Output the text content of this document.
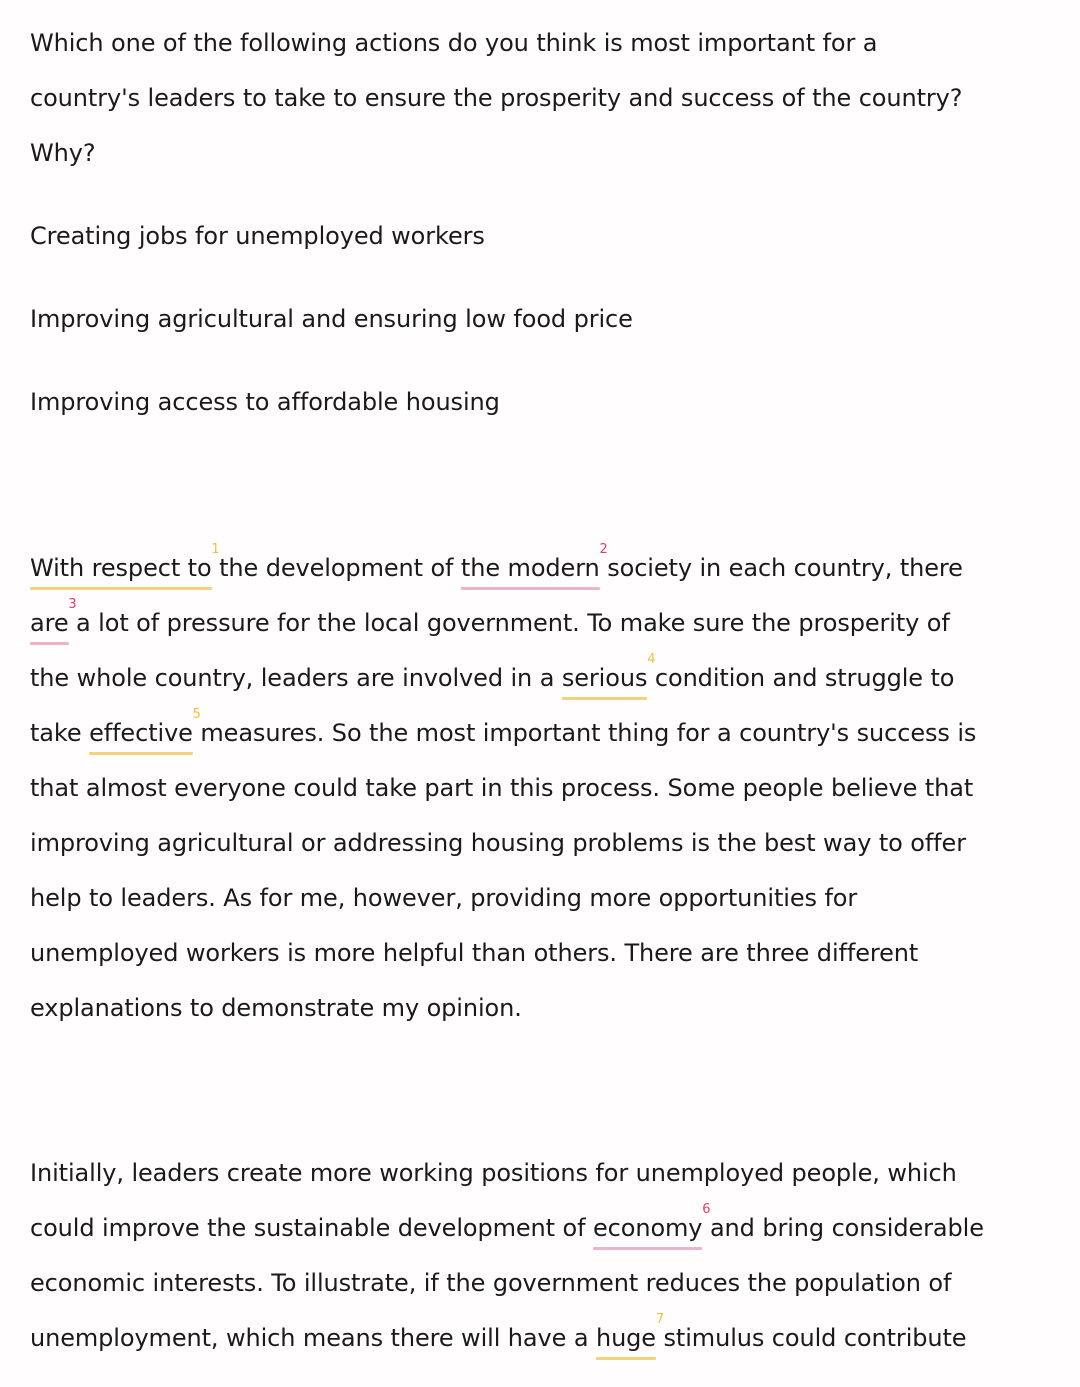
Which one of the following actions do you think is most important for a
country's leaders to take to ensure the prosperity and success of the country?
Why?
Creating jobs for unemployed workers
Improving agricultural and ensuring low food price
Improving access to affordable housing
With respect to
1
the development of the modern
2
society in each country, there
are
3
a lot of pressure for the local government. To make sure the prosperity of
the whole country, leaders are involved in a serious
4
condition and struggle to
take effective
5
measures. So the most important thing for a country's success is
that almost everyone could take part in this process. Some people believe that
improving agricultural or addressing housing problems is the best way to offer
help to leaders. As for me, however, providing more opportunities for
unemployed workers is more helpful than others. There are three different
explanations to demonstrate my opinion.
Initially, leaders create more working positions for unemployed people, which
could improve the sustainable development of economy
6
and bring considerable
economic interests. To illustrate, if the government reduces the population of
unemployment, which means there will have a huge
7
stimulus could contribute
